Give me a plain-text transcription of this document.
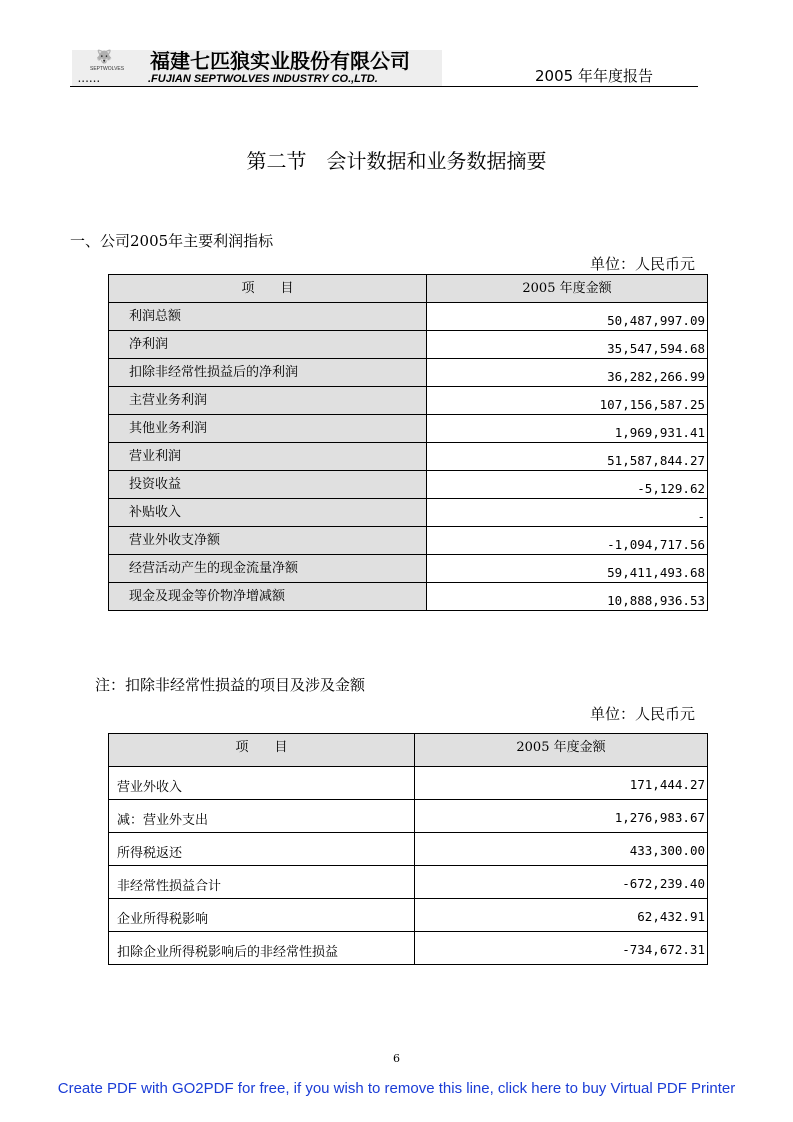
🐺
SEPTWOLVES
......
福建七匹狼实业股份有限公司
.FUJIAN SEPTWOLVES INDUSTRY CO.,LTD.	2005 年年度报告
第二节　会计数据和业务数据摘要
一、公司2005年主要利润指标
单位：人民币元
项　　目	2005 年度金额
利润总额	50,487,997.09
净利润	35,547,594.68
扣除非经常性损益后的净利润	36,282,266.99
主营业务利润	107,156,587.25
其他业务利润	1,969,931.41
营业利润	51,587,844.27
投资收益	-5,129.62
补贴收入	-
营业外收支净额	-1,094,717.56
经营活动产生的现金流量净额	59,411,493.68
现金及现金等价物净增减额	10,888,936.53
注：扣除非经常性损益的项目及涉及金额
单位：人民币元
项　　目	2005 年度金额
营业外收入	171,444.27
减：营业外支出	1,276,983.67
所得税返还	433,300.00
非经常性损益合计	-672,239.40
企业所得税影响	62,432.91
扣除企业所得税影响后的非经常性损益	-734,672.31
6
Create PDF with GO2PDF for free, if you wish to remove this line, click here to buy Virtual PDF Printer
